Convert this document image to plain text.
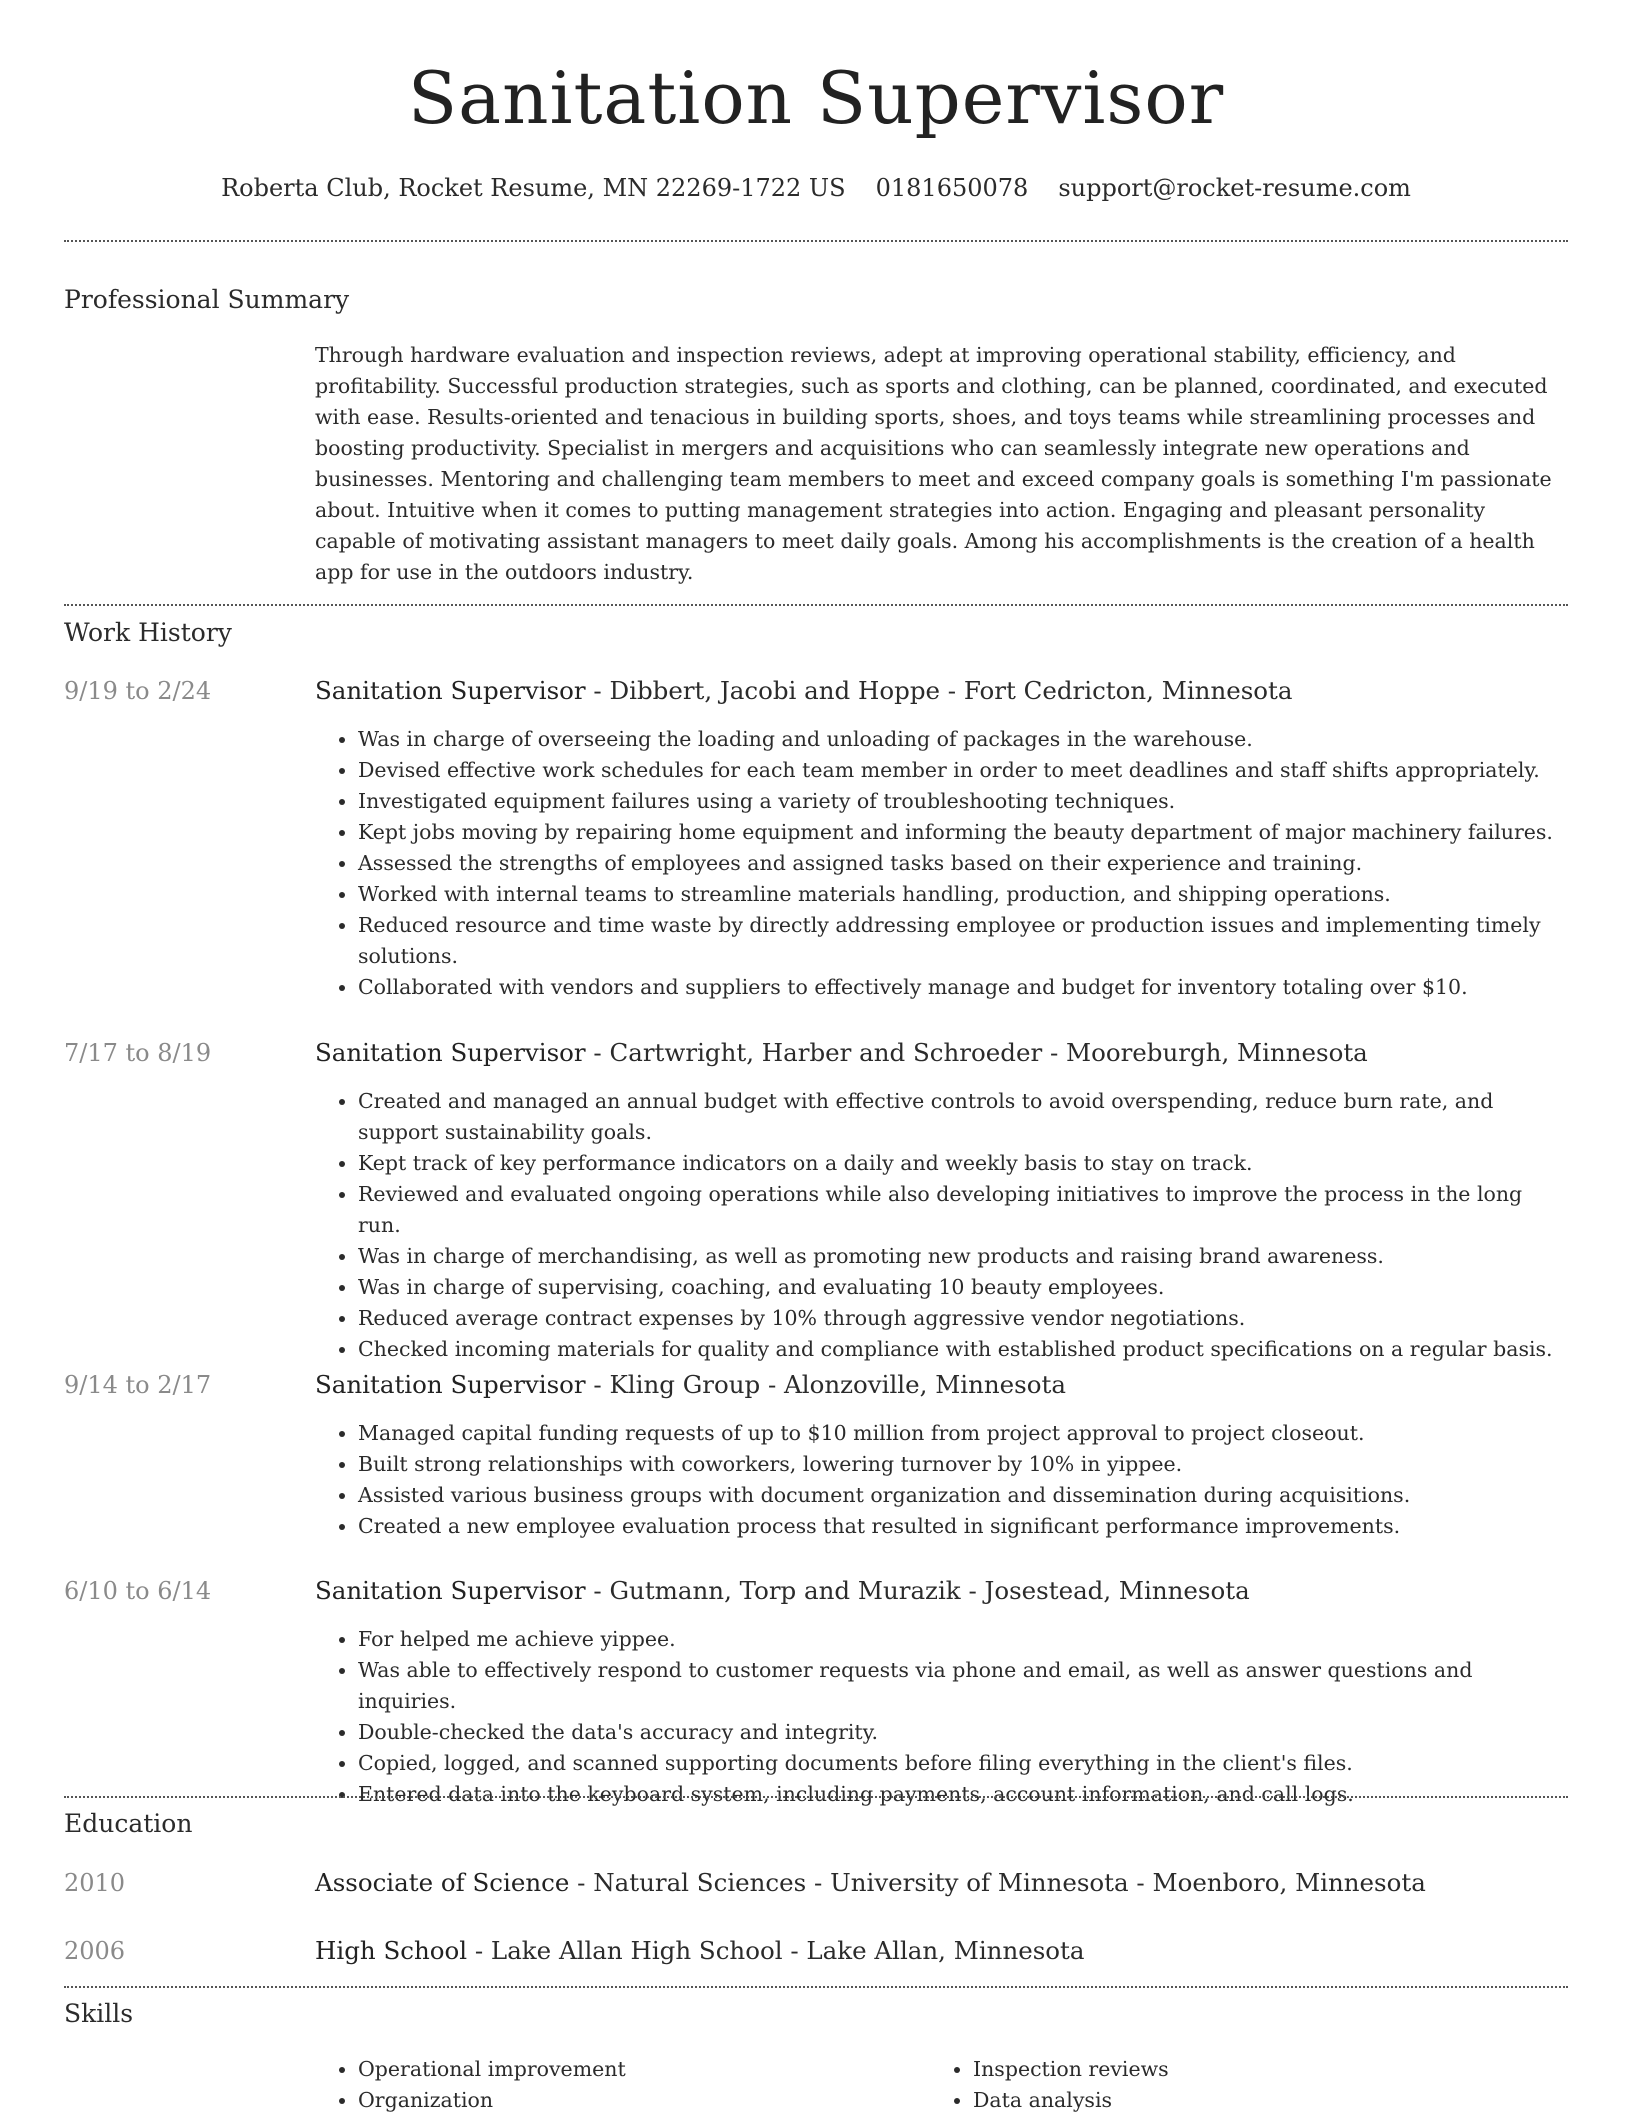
Sanitation Supervisor
Roberta Club, Rocket Resume, MN 22269-1722 US 0181650078 support@rocket-resume.com
Professional Summary
Through hardware evaluation and inspection reviews, adept at improving operational stability, efficiency, and profitability. Successful production strategies, such as sports and clothing, can be planned, coordinated, and executed with ease. Results-oriented and tenacious in building sports, shoes, and toys teams while streamlining processes and boosting productivity. Specialist in mergers and acquisitions who can seamlessly integrate new operations and businesses. Mentoring and challenging team members to meet and exceed company goals is something I'm passionate about. Intuitive when it comes to putting management strategies into action. Engaging and pleasant personality capable of motivating assistant managers to meet daily goals. Among his accomplishments is the creation of a health app for use in the outdoors industry.
Work History
9/19 to 2/24	Sanitation Supervisor - Dibbert, Jacobi and Hoppe - Fort Cedricton, Minnesota
• Was in charge of overseeing the loading and unloading of packages in the warehouse.
• Devised effective work schedules for each team member in order to meet deadlines and staff shifts appropriately.
• Investigated equipment failures using a variety of troubleshooting techniques.
• Kept jobs moving by repairing home equipment and informing the beauty department of major machinery failures.
• Assessed the strengths of employees and assigned tasks based on their experience and training.
• Worked with internal teams to streamline materials handling, production, and shipping operations.
• Reduced resource and time waste by directly addressing employee or production issues and implementing timely solutions.
• Collaborated with vendors and suppliers to effectively manage and budget for inventory totaling over $10.
7/17 to 8/19	Sanitation Supervisor - Cartwright, Harber and Schroeder - Mooreburgh, Minnesota
• Created and managed an annual budget with effective controls to avoid overspending, reduce burn rate, and support sustainability goals.
• Kept track of key performance indicators on a daily and weekly basis to stay on track.
• Reviewed and evaluated ongoing operations while also developing initiatives to improve the process in the long run.
• Was in charge of merchandising, as well as promoting new products and raising brand awareness.
• Was in charge of supervising, coaching, and evaluating 10 beauty employees.
• Reduced average contract expenses by 10% through aggressive vendor negotiations.
• Checked incoming materials for quality and compliance with established product specifications on a regular basis.
9/14 to 2/17	Sanitation Supervisor - Kling Group - Alonzoville, Minnesota
• Managed capital funding requests of up to $10 million from project approval to project closeout.
• Built strong relationships with coworkers, lowering turnover by 10% in yippee.
• Assisted various business groups with document organization and dissemination during acquisitions.
• Created a new employee evaluation process that resulted in significant performance improvements.
6/10 to 6/14	Sanitation Supervisor - Gutmann, Torp and Murazik - Josestead, Minnesota
• For helped me achieve yippee.
• Was able to effectively respond to customer requests via phone and email, as well as answer questions and inquiries.
• Double-checked the data's accuracy and integrity.
• Copied, logged, and scanned supporting documents before filing everything in the client's files.
• Entered data into the keyboard system, including payments, account information, and call logs.
Education
2010	Associate of Science - Natural Sciences - University of Minnesota - Moenboro, Minnesota
2006	High School - Lake Allan High School - Lake Allan, Minnesota
Skills
• Operational improvement
• Organization
• Inspection reviews
• Data analysis
